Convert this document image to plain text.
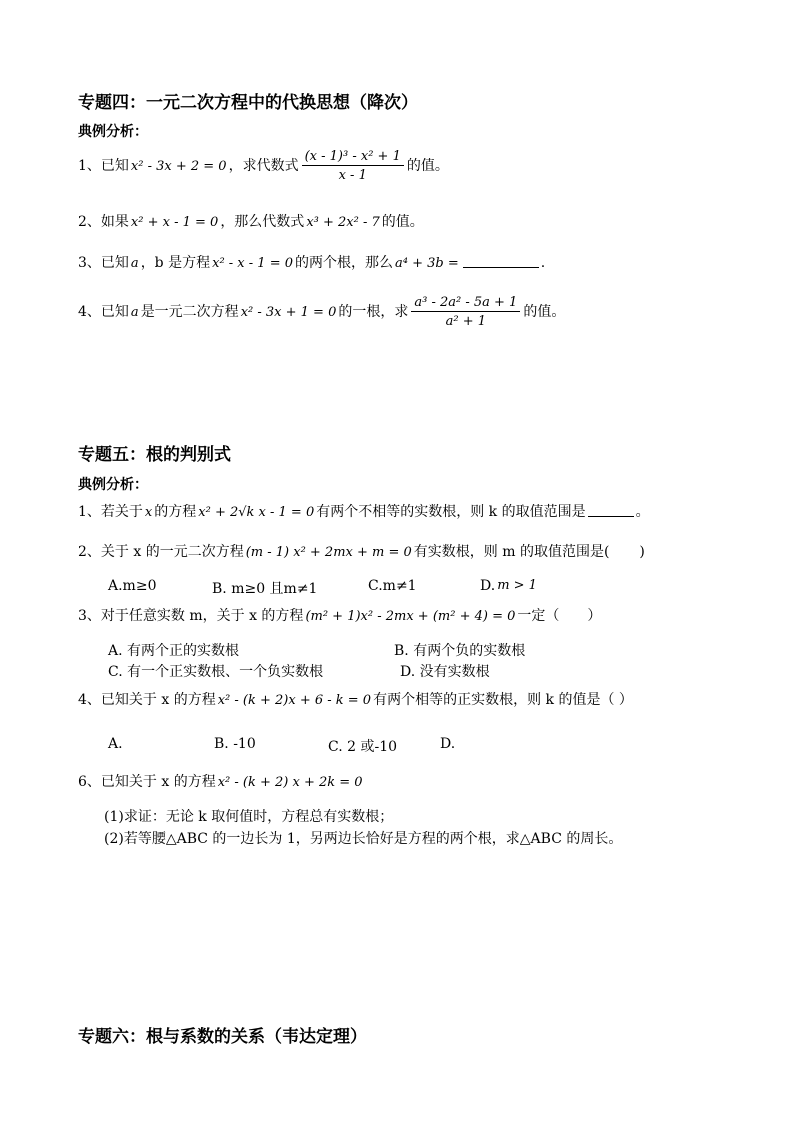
专题四：一元二次方程中的代换思想（降次）
典例分析：
1、已知 x² - 3x + 2 = 0 ，求代数式 $\frac{\text{(x - 1)³ - x² + 1}}{x - 1}$ 的值。
2、如果 x² + x - 1 = 0 ，那么代数式 x³ + 2x² - 7 的值。
3、已知 a ，b 是方程 x² - x - 1 = 0 的两个根，那么 a⁴ + 3b =	.
4、已知 a 是一元二次方程 x² - 3x + 1 = 0 的一根，求 $\frac{\text{a³ - 2a² - 5a + 1}}{\text{a² + 1}}$ 的值。
专题五：根的判别式
典例分析：
1、若关于 x 的方程 x² + 2√k x - 1 = 0 有两个不相等的实数根，则 k 的取值范围是	。
2、关于 x 的一元二次方程 (m - 1) x² + 2mx + m = 0 有实数根，则 m 的取值范围是( )
A.m≥0	B. m≥0 且m≠1	C.m≠1	D. m > 1
3、对于任意实数 m，关于 x 的方程 (m² + 1)x² - 2mx + (m² + 4) = 0 一定（ ）
A. 有两个正的实数根	B. 有两个负的实数根
C. 有一个正实数根、一个负实数根	D. 没有实数根
4、已知关于 x 的方程 x² - (k + 2)x + 6 - k = 0 有两个相等的正实数根，则 k 的值是（ ）
A.	B. -10	C. 2 或-10	D.
6、已知关于 x 的方程 x² - (k + 2) x + 2k = 0
(1)求证：无论 k 取何值时，方程总有实数根；
(2)若等腰△ABC 的一边长为 1，另两边长恰好是方程的两个根，求△ABC 的周长。
专题六：根与系数的关系（韦达定理）
